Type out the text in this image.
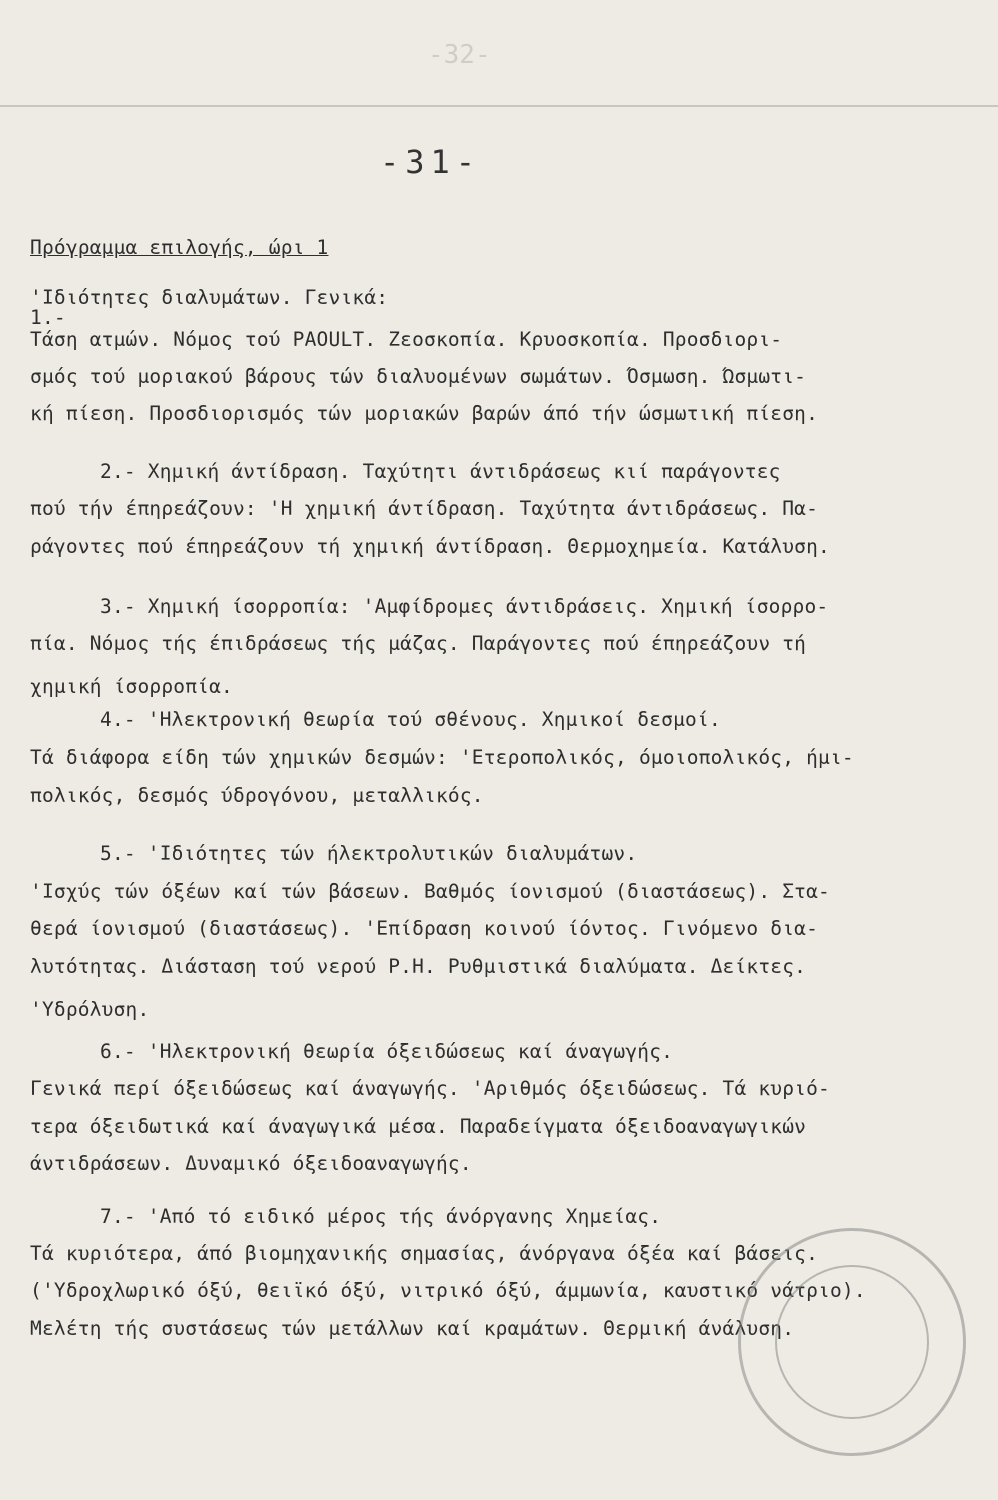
-32-
-31-
Πρόγραμμα επιλογής, ώρι 1
'Ιδιότητες διαλυμάτων. Γενικά:
1.-
Τάση ατμών. Νόμος τού ΡΑΟULT. Ζεοσκοπία. Κρυοσκοπία. Προσδιορι-
σμός τού μοριακού βάρους τών διαλυομένων σωμάτων. Όσμωση. Ώσμωτι-
κή πίεση. Προσδιορισμός τών μοριακών βαρών άπό τήν ώσμωτική πίεση.
2.- Χημική άντίδραση. Ταχύτητι άντιδράσεως κιί παράγοντες
πού τήν έπηρεάζουν: 'Η χημική άντίδραση. Ταχύτητα άντιδράσεως. Πα-
ράγοντες πού έπηρεάζουν τή χημική άντίδραση. Θερμοχημεία. Κατάλυση.
3.- Χημική ίσορροπία: 'Αμφίδρομες άντιδράσεις. Χημική ίσορρο-
πία. Νόμος τής έπιδράσεως τής μάζας. Παράγοντες πού έπηρεάζουν τή
χημική ίσορροπία.
4.- 'Ηλεκτρονική θεωρία τού σθένους. Χημικοί δεσμοί.
Τά διάφορα είδη τών χημικών δεσμών: 'Ετεροπολικός, όμοιοπολικός, ήμι-
πολικός, δεσμός ύδρογόνου, μεταλλικός.
5.- 'Ιδιότητες τών ήλεκτρολυτικών διαλυμάτων.
'Ισχύς τών όξέων καί τών βάσεων. Βαθμός ίονισμού (διαστάσεως). Στα-
θερά ίονισμού (διαστάσεως). 'Επίδραση κοινού ίόντος. Γινόμενο δια-
λυτότητας. Διάσταση τού νερού Ρ.Η. Ρυθμιστικά διαλύματα. Δείκτες.
'Υδρόλυση.
6.- 'Ηλεκτρονική θεωρία όξειδώσεως καί άναγωγής.
Γενικά περί όξειδώσεως καί άναγωγής. 'Αριθμός όξειδώσεως. Τά κυριό-
τερα όξειδωτικά καί άναγωγικά μέσα. Παραδείγματα όξειδοαναγωγικών
άντιδράσεων. Δυναμικό όξειδοαναγωγής.
7.- 'Από τό ειδικό μέρος τής άνόργανης Χημείας.
Τά κυριότερα, άπό βιομηχανικής σημασίας, άνόργανα όξέα καί βάσεις.
('Υδροχλωρικό όξύ, θειϊκό όξύ, νιτρικό όξύ, άμμωνία, καυστικό νάτριο).
Μελέτη τής συστάσεως τών μετάλλων καί κραμάτων. Θερμική άνάλυση.
